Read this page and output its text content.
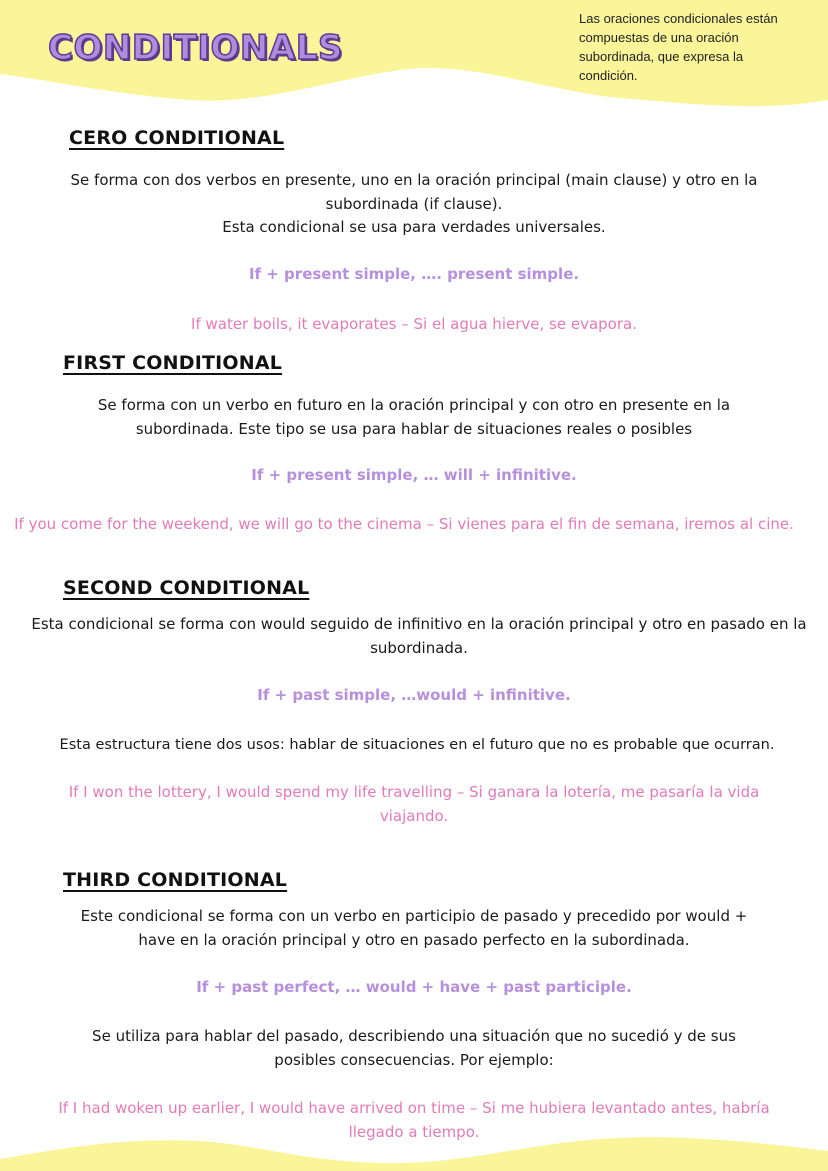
CONDITIONALS
Las oraciones condicionales están compuestas de una oración subordinada, que expresa la condición.
CERO CONDITIONAL
Se forma con dos verbos en presente, uno en la oración principal (main clause) y otro en la subordinada (if clause).
Esta condicional se usa para verdades universales.
If + present simple, …. present simple.
If water boils, it evaporates – Si el agua hierve, se evapora.
FIRST CONDITIONAL
Se forma con un verbo en futuro en la oración principal y con otro en presente en la subordinada. Este tipo se usa para hablar de situaciones reales o posibles
If + present simple, … will + infinitive.
If you come for the weekend, we will go to the cinema – Si vienes para el fin de semana, iremos al cine.
SECOND CONDITIONAL
Esta condicional se forma con would seguido de infinitivo en la oración principal y otro en pasado en la subordinada.
If + past simple, …would + infinitive.
Esta estructura tiene dos usos: hablar de situaciones en el futuro que no es probable que ocurran.
If I won the lottery, I would spend my life travelling – Si ganara la lotería, me pasaría la vida viajando.
THIRD CONDITIONAL
Este condicional se forma con un verbo en participio de pasado y precedido por would + have en la oración principal y otro en pasado perfecto en la subordinada.
If + past perfect, … would + have + past participle.
Se utiliza para hablar del pasado, describiendo una situación que no sucedió y de sus posibles consecuencias. Por ejemplo:
If I had woken up earlier, I would have arrived on time – Si me hubiera levantado antes, habría llegado a tiempo.
